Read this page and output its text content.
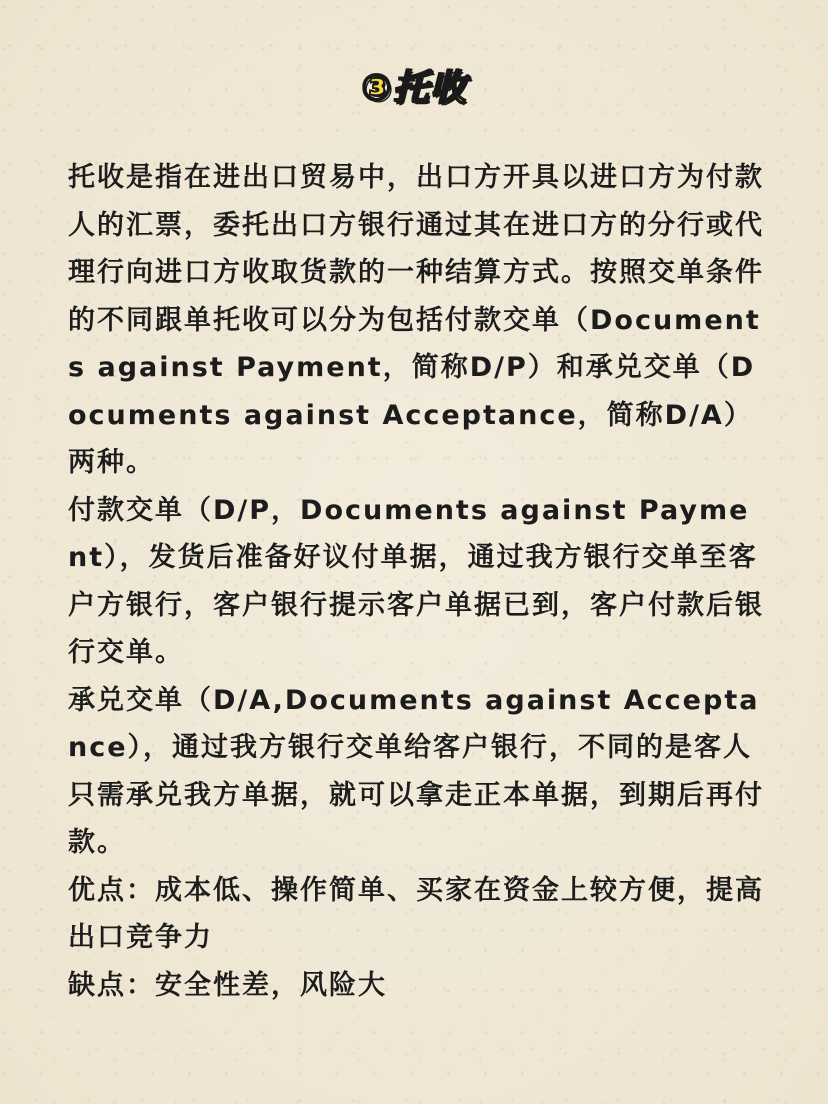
③托收

托收是指在进出口贸易中，出口方开具以进口方为付款人的汇票，委托出口方银行通过其在进口方的分行或代理行向进口方收取货款的一种结算方式。按照交单条件的不同跟单托收可以分为包括付款交单（Documents against Payment，简称D/P）和承兑交单（Documents against Acceptance，简称D/A）两种。

付款交单（D/P，Documents against Payment），发货后准备好议付单据，通过我方银行交单至客户方银行，客户银行提示客户单据已到，客户付款后银行交单。

承兑交单（D/A,Documents against Acceptance），通过我方银行交单给客户银行，不同的是客人只需承兑我方单据，就可以拿走正本单据，到期后再付款。

优点：成本低、操作简单、买家在资金上较方便，提高出口竞争力

缺点：安全性差，风险大
